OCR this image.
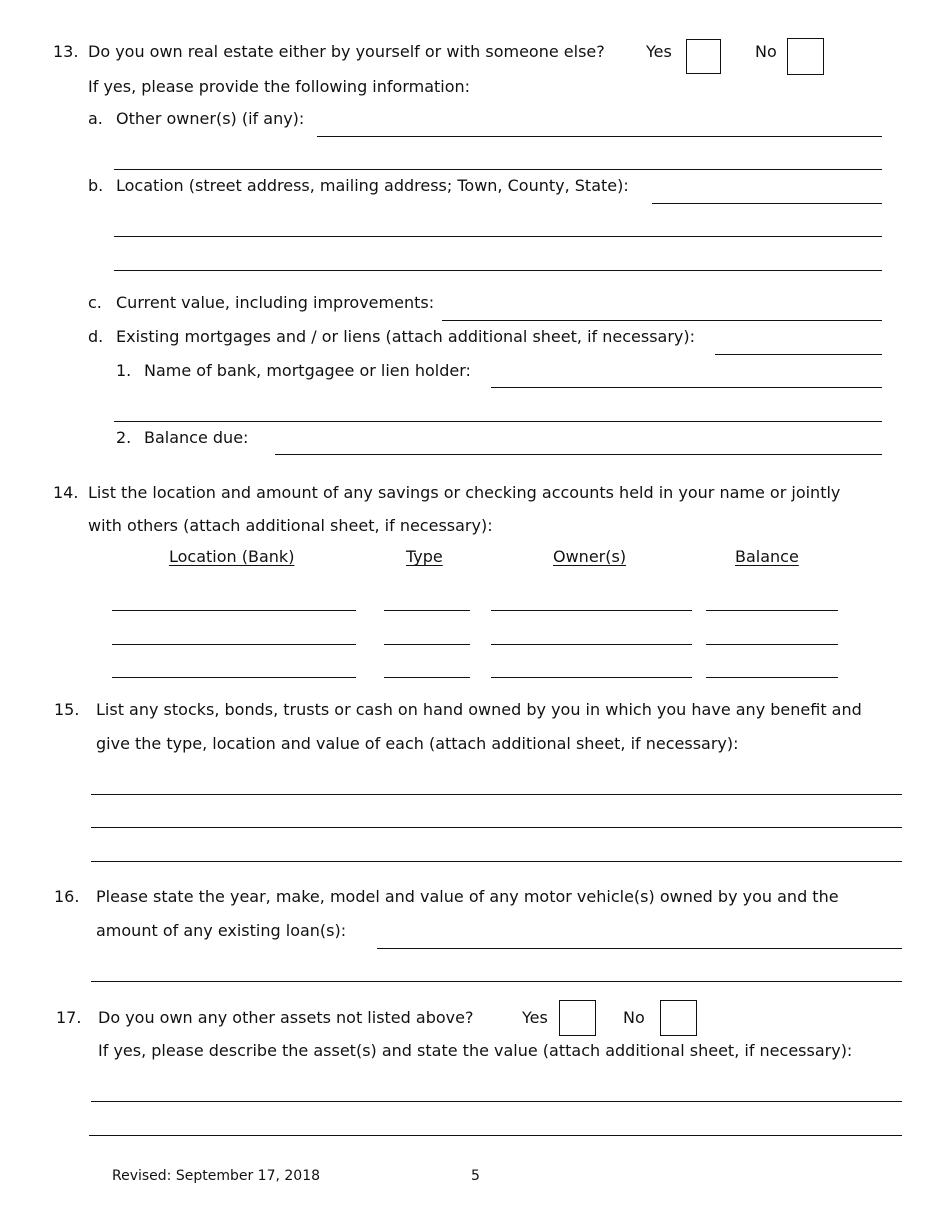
13. Do you own real estate either by yourself or with someone else?	Yes	No
If yes, please provide the following information:
a. Other owner(s) (if any):
b. Location (street address, mailing address; Town, County, State):
c. Current value, including improvements:
d. Existing mortgages and / or liens (attach additional sheet, if necessary):
1. Name of bank, mortgagee or lien holder:
2. Balance due:
14. List the location and amount of any savings or checking accounts held in your name or jointly
with others (attach additional sheet, if necessary):
Location (Bank)	Type	Owner(s)	Balance
15. List any stocks, bonds, trusts or cash on hand owned by you in which you have any benefit and
give the type, location and value of each (attach additional sheet, if necessary):
16. Please state the year, make, model and value of any motor vehicle(s) owned by you and the
amount of any existing loan(s):
17. Do you own any other assets not listed above?	Yes	No
If yes, please describe the asset(s) and state the value (attach additional sheet, if necessary):
Revised: September 17, 2018	5
